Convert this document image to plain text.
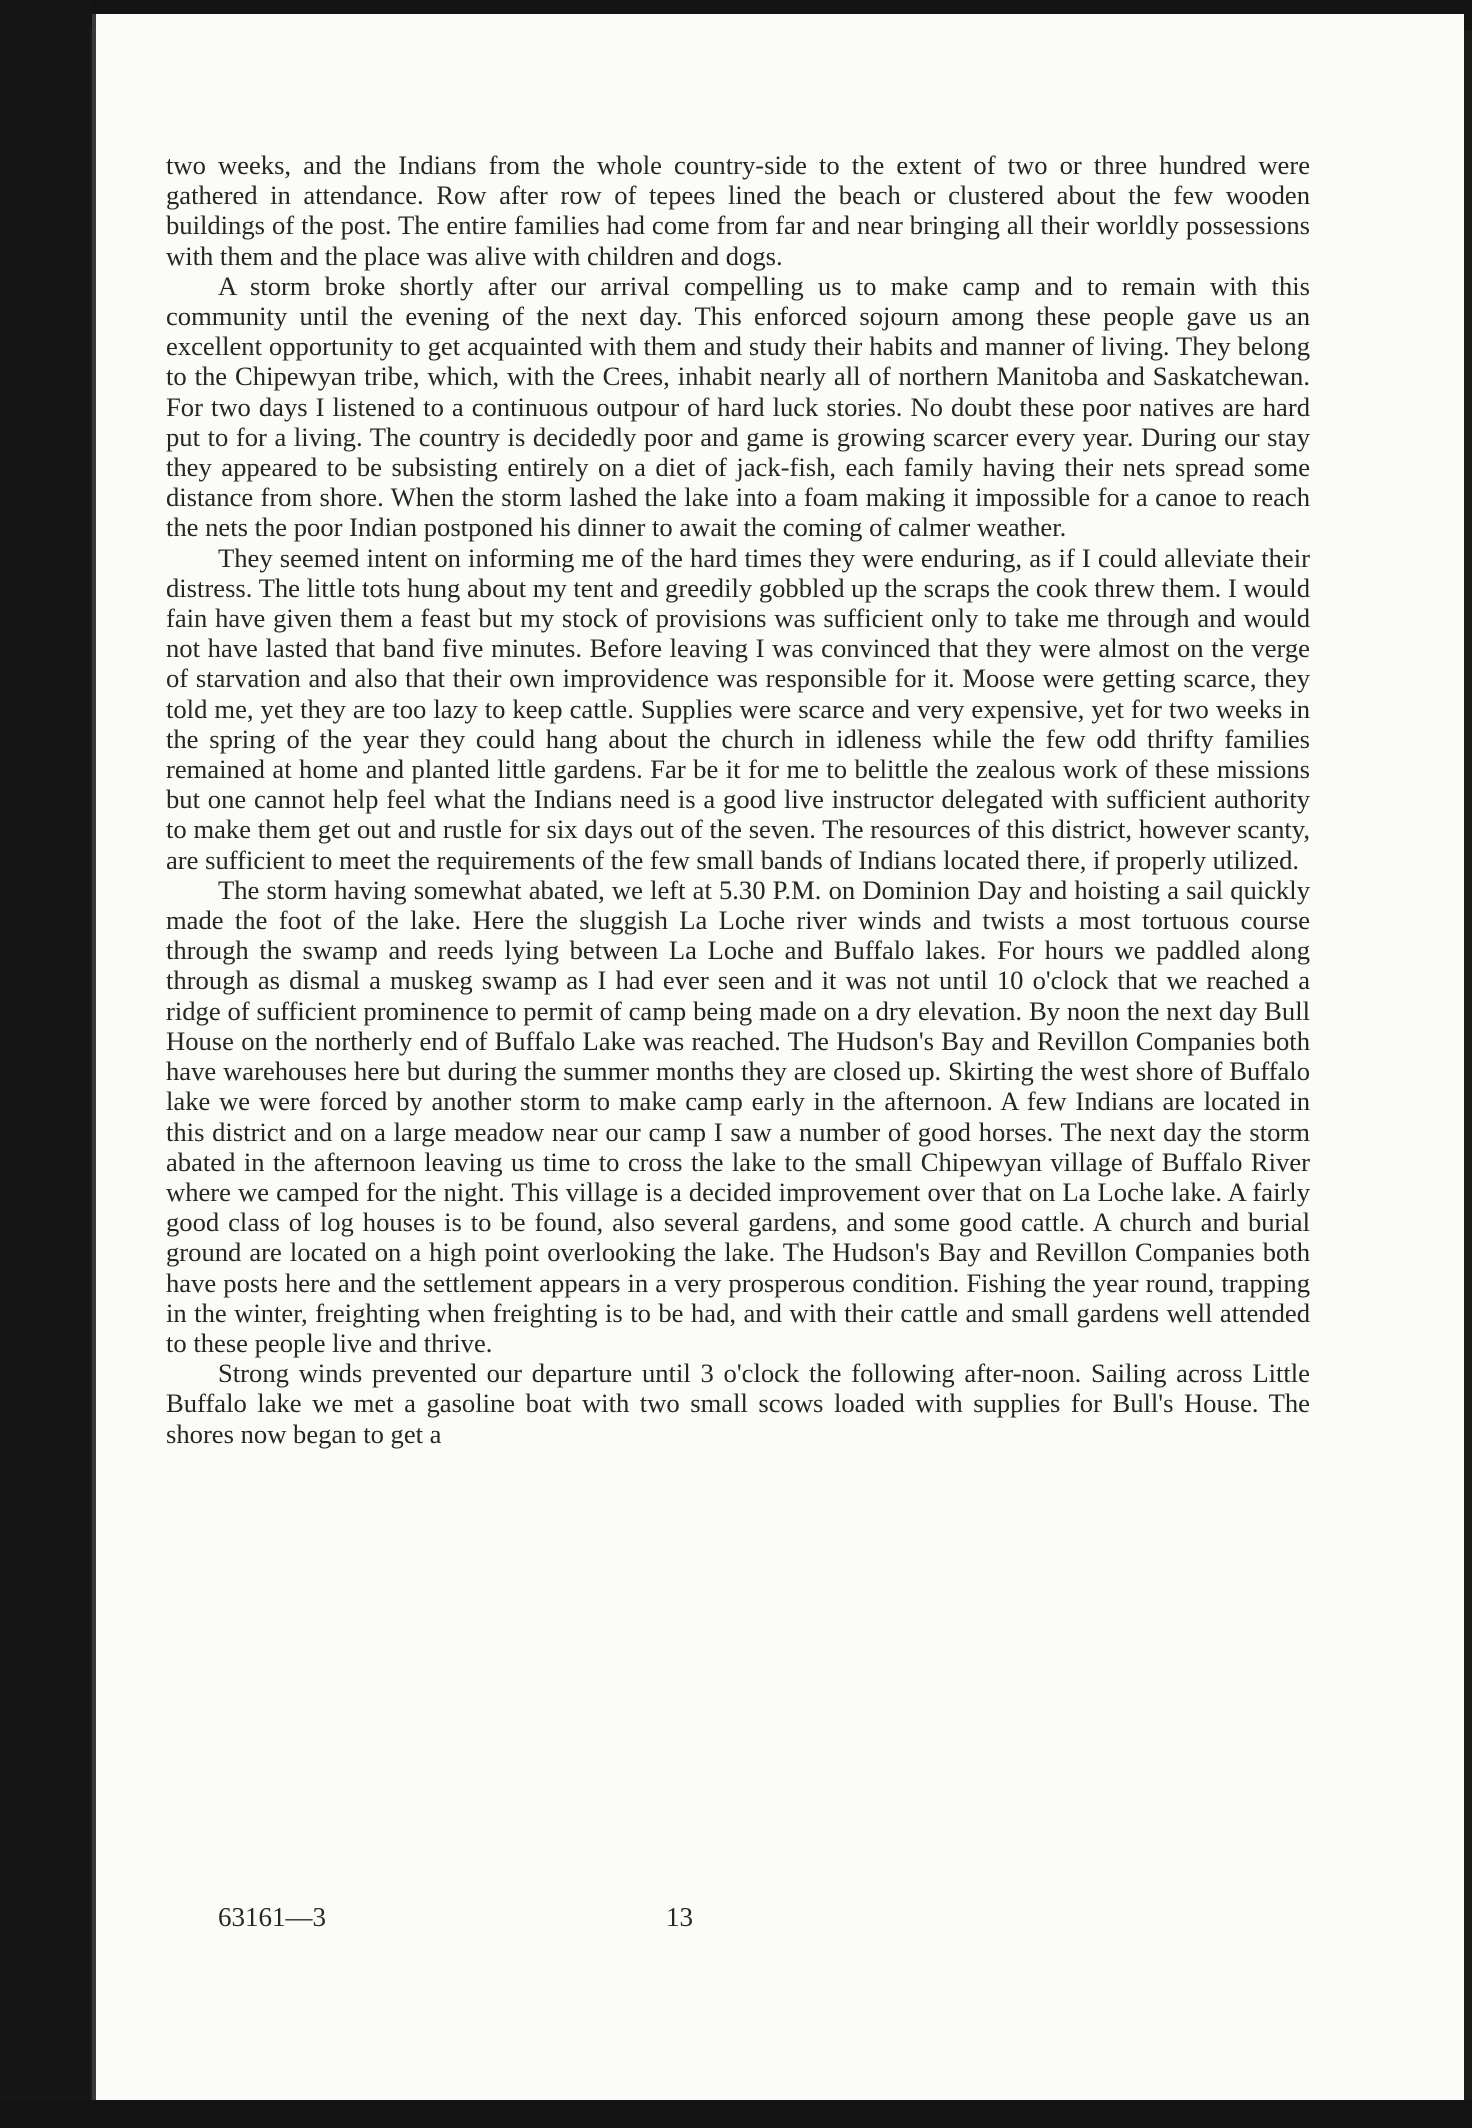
two weeks, and the Indians from the whole country-side to the extent of two or three hundred were gathered in attendance. Row after row of tepees lined the beach or clustered about the few wooden buildings of the post. The entire families had come from far and near bringing all their worldly possessions with them and the place was alive with children and dogs.

A storm broke shortly after our arrival compelling us to make camp and to remain with this community until the evening of the next day. This enforced sojourn among these people gave us an excellent opportunity to get acquainted with them and study their habits and manner of living. They belong to the Chipewyan tribe, which, with the Crees, inhabit nearly all of northern Manitoba and Saskatchewan. For two days I listened to a continuous outpour of hard luck stories. No doubt these poor natives are hard put to for a living. The country is decidedly poor and game is growing scarcer every year. During our stay they appeared to be subsisting entirely on a diet of jack-fish, each family having their nets spread some distance from shore. When the storm lashed the lake into a foam making it impossible for a canoe to reach the nets the poor Indian postponed his dinner to await the coming of calmer weather.

They seemed intent on informing me of the hard times they were enduring, as if I could alleviate their distress. The little tots hung about my tent and greedily gobbled up the scraps the cook threw them. I would fain have given them a feast but my stock of provisions was sufficient only to take me through and would not have lasted that band five minutes. Before leaving I was convinced that they were almost on the verge of starvation and also that their own improvidence was responsible for it. Moose were getting scarce, they told me, yet they are too lazy to keep cattle. Supplies were scarce and very expensive, yet for two weeks in the spring of the year they could hang about the church in idleness while the few odd thrifty families remained at home and planted little gardens. Far be it for me to belittle the zealous work of these missions but one cannot help feel what the Indians need is a good live instructor delegated with sufficient authority to make them get out and rustle for six days out of the seven. The resources of this district, however scanty, are sufficient to meet the requirements of the few small bands of Indians located there, if properly utilized.

The storm having somewhat abated, we left at 5.30 P.M. on Dominion Day and hoisting a sail quickly made the foot of the lake. Here the sluggish La Loche river winds and twists a most tortuous course through the swamp and reeds lying between La Loche and Buffalo lakes. For hours we paddled along through as dismal a muskeg swamp as I had ever seen and it was not until 10 o'clock that we reached a ridge of sufficient prominence to permit of camp being made on a dry elevation. By noon the next day Bull House on the northerly end of Buffalo Lake was reached. The Hudson's Bay and Revillon Companies both have warehouses here but during the summer months they are closed up. Skirting the west shore of Buffalo lake we were forced by another storm to make camp early in the afternoon. A few Indians are located in this district and on a large meadow near our camp I saw a number of good horses. The next day the storm abated in the afternoon leaving us time to cross the lake to the small Chipewyan village of Buffalo River where we camped for the night. This village is a decided improvement over that on La Loche lake. A fairly good class of log houses is to be found, also several gardens, and some good cattle. A church and burial ground are located on a high point overlooking the lake. The Hudson's Bay and Revillon Companies both have posts here and the settlement appears in a very prosperous condition. Fishing the year round, trapping in the winter, freighting when freighting is to be had, and with their cattle and small gardens well attended to these people live and thrive.

Strong winds prevented our departure until 3 o'clock the following after-noon. Sailing across Little Buffalo lake we met a gasoline boat with two small scows loaded with supplies for Bull's House. The shores now began to get a

63161—3	13
